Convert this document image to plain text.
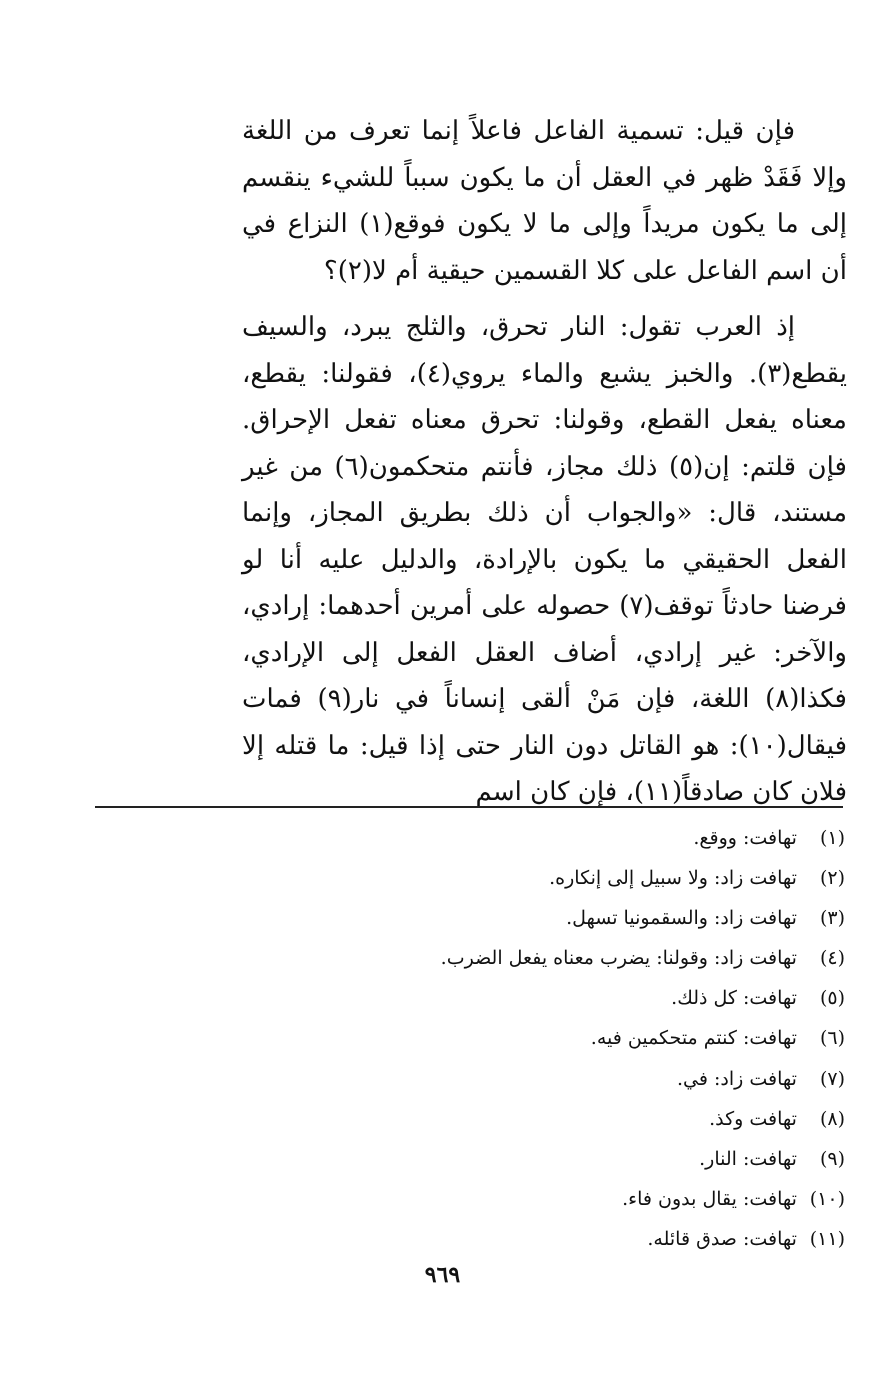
فإن قيل: تسمية الفاعل فاعلاً إنما تعرف من اللغة وإلا فَقَدْ ظهر في العقل أن ما يكون سبباً للشيء ينقسم إلى ما يكون مريداً وإلى ما لا يكون فوقع(١) النزاع في أن اسم الفاعل على كلا القسمين حيقية أم لا(٢)؟

إذ العرب تقول: النار تحرق، والثلج يبرد، والسيف يقطع(٣). والخبز يشبع والماء يروي(٤)، فقولنا: يقطع، معناه يفعل القطع، وقولنا: تحرق معناه تفعل الإحراق. فإن قلتم: إن(٥) ذلك مجاز، فأنتم متحكمون(٦) من غير مستند، قال: «والجواب أن ذلك بطريق المجاز، وإنما الفعل الحقيقي ما يكون بالإرادة، والدليل عليه أنا لو فرضنا حادثاً توقف(٧) حصوله على أمرين أحدهما: إرادي، والآخر: غير إرادي، أضاف العقل الفعل إلى الإرادي، فكذا(٨) اللغة، فإن مَنْ ألقى إنساناً في نار(٩) فمات فيقال(١٠): هو القاتل دون النار حتى إذا قيل: ما قتله إلا فلان كان صادقاً(١١)، فإن كان اسم

(١) تهافت: ووقع.
(٢) تهافت زاد: ولا سبيل إلى إنكاره.
(٣) تهافت زاد: والسقمونيا تسهل.
(٤) تهافت زاد: وقولنا: يضرب معناه يفعل الضرب.
(٥) تهافت: كل ذلك.
(٦) تهافت: كنتم متحكمين فيه.
(٧) تهافت زاد: في.
(٨) تهافت وكذ.
(٩) تهافت: النار.
(١٠) تهافت: يقال بدون فاء.
(١١) تهافت: صدق قائله.
٩٦٩
